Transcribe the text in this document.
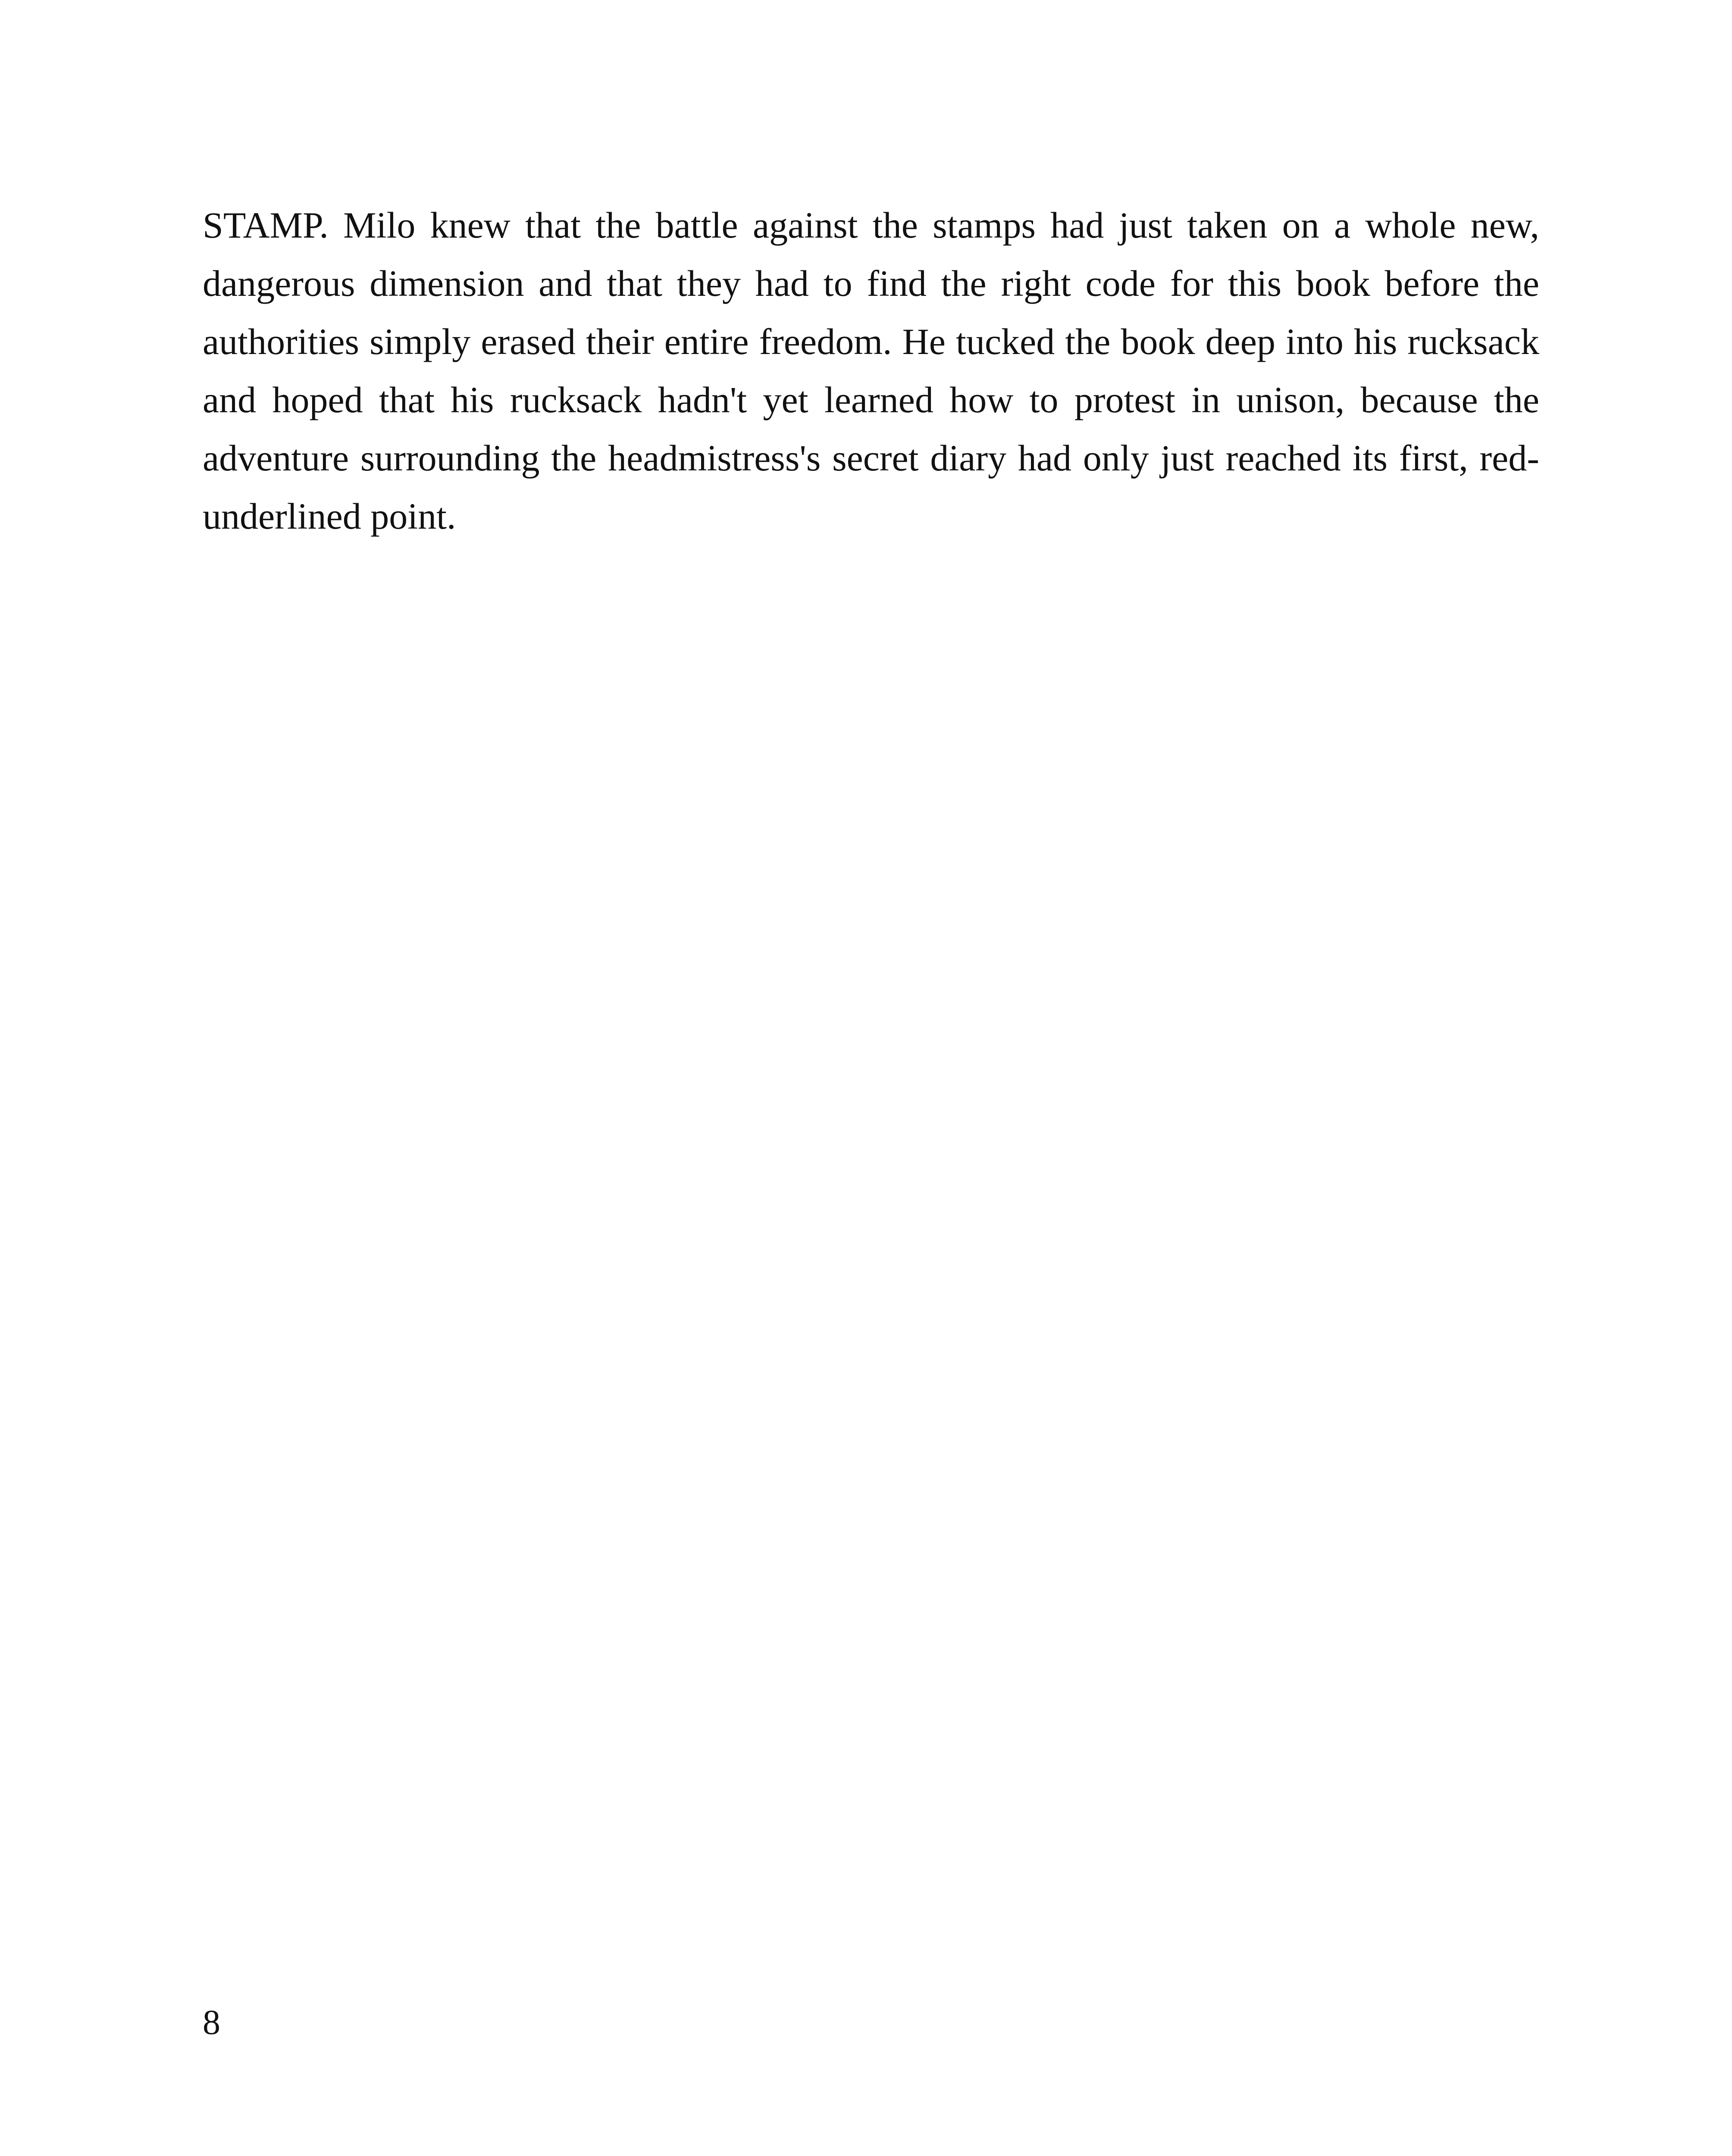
STAMP. Milo knew that the battle against the stamps had just taken on a whole new, dangerous dimension and that they had to find the right code for this book before the authorities simply erased their entire freedom. He tucked the book deep into his rucksack and hoped that his rucksack hadn't yet learned how to protest in unison, because the adventure surrounding the headmistress's secret diary had only just reached its first, red-underlined point.

8
